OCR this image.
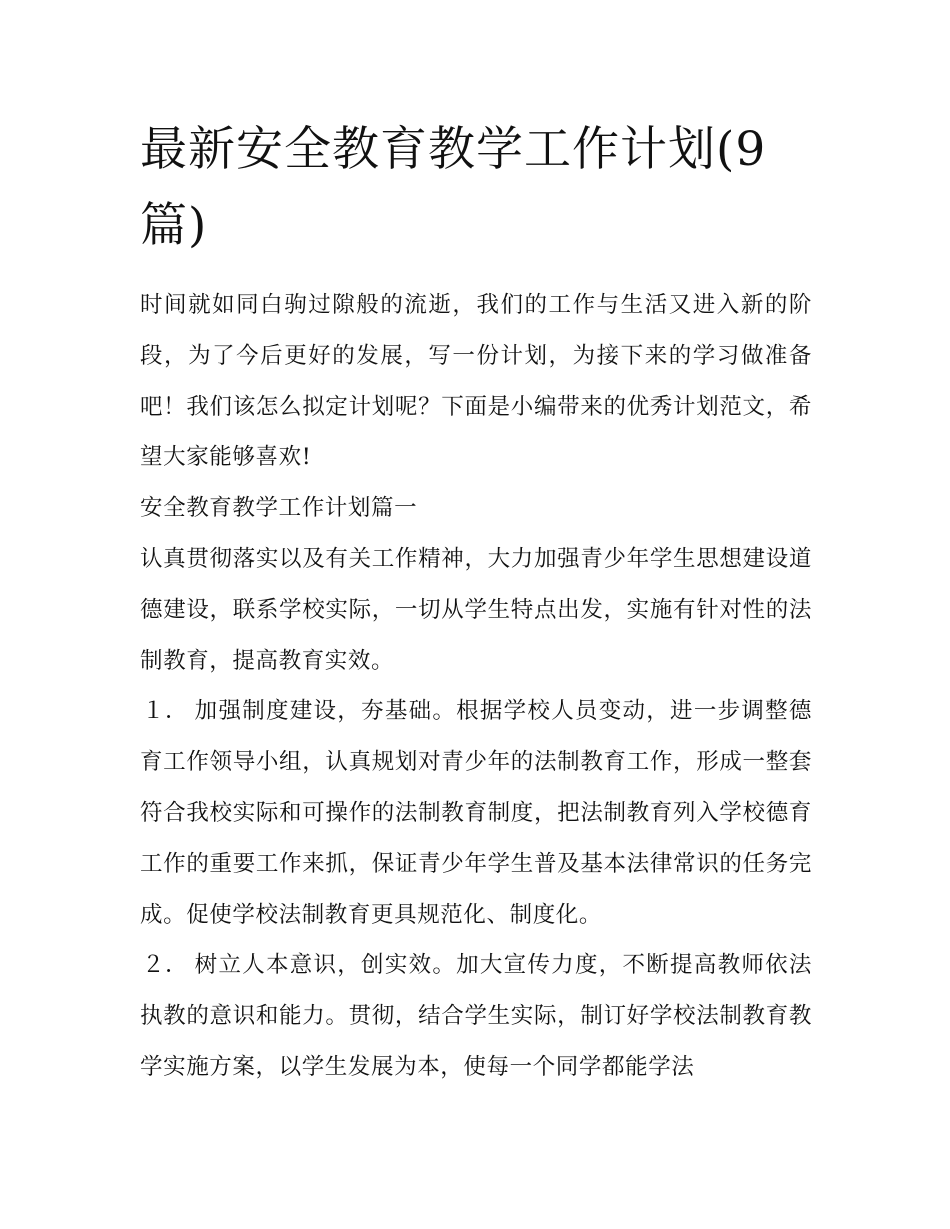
最新安全教育教学工作计划(9篇)

时间就如同白驹过隙般的流逝，我们的工作与生活又进入新的阶段，为了今后更好的发展，写一份计划，为接下来的学习做准备吧！我们该怎么拟定计划呢？下面是小编带来的优秀计划范文，希望大家能够喜欢!

安全教育教学工作计划篇一

认真贯彻落实以及有关工作精神，大力加强青少年学生思想建设道德建设，联系学校实际，一切从学生特点出发，实施有针对性的法制教育，提高教育实效。

１． 加强制度建设，夯基础。根据学校人员变动，进一步调整德育工作领导小组，认真规划对青少年的法制教育工作，形成一整套符合我校实际和可操作的法制教育制度，把法制教育列入学校德育工作的重要工作来抓，保证青少年学生普及基本法律常识的任务完成。促使学校法制教育更具规范化、制度化。

２． 树立人本意识，创实效。加大宣传力度，不断提高教师依法执教的意识和能力。贯彻，结合学生实际，制订好学校法制教育教学实施方案，以学生发展为本，使每一个同学都能学法
